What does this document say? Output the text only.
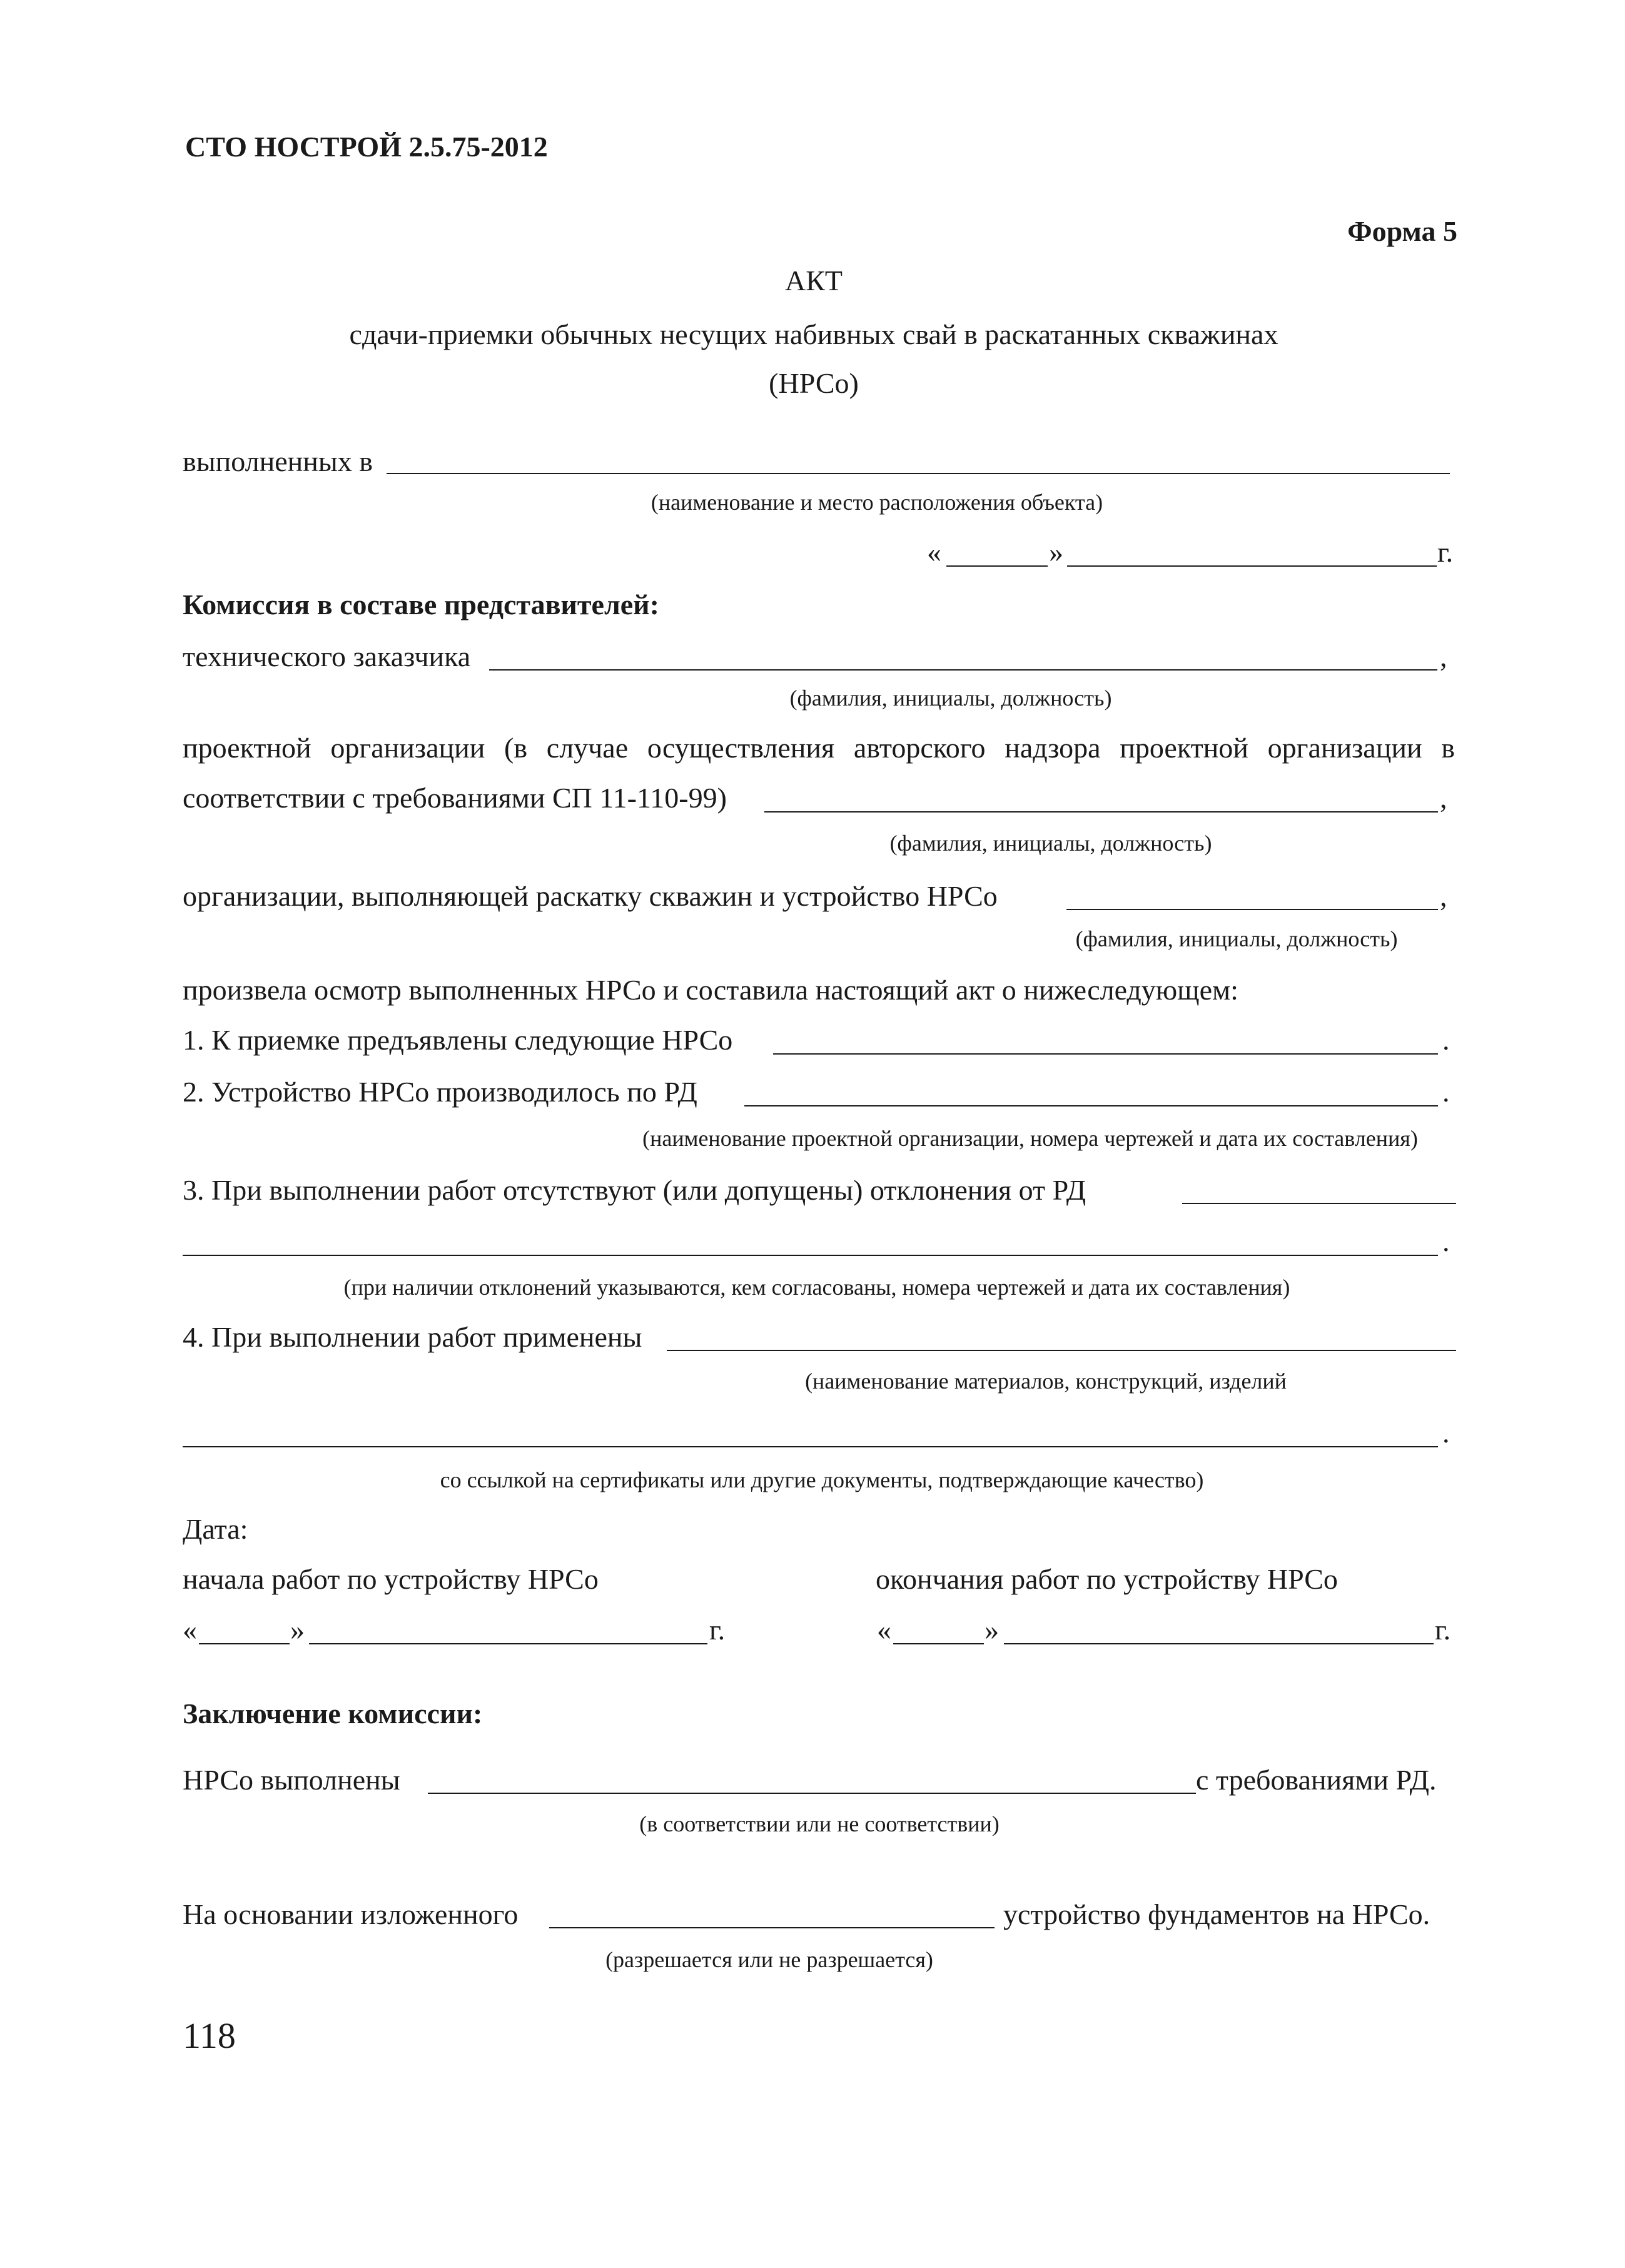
СТО НОСТРОЙ 2.5.75-2012
Форма 5
АКТ
сдачи-приемки обычных несущих набивных свай в раскатанных скважинах
(НРСо)
выполненных в
(наименование и место расположения объекта)
«	»	г.
Комиссия в составе представителей:
технического заказчика	,
(фамилия, инициалы, должность)
проектной организации (в случае осуществления авторского надзора проектной организации в
соответствии с требованиями СП 11-110-99)	,
(фамилия, инициалы, должность)
организации, выполняющей раскатку скважин и устройство НРСо	,
(фамилия, инициалы, должность)
произвела осмотр выполненных НРСо и составила настоящий акт о нижеследующем:
1. К приемке предъявлены следующие НРСо	.
2. Устройство НРСо производилось по РД	.
(наименование проектной организации, номера чертежей и дата их составления)
3. При выполнении работ отсутствуют (или допущены) отклонения от РД
.
(при наличии отклонений указываются, кем согласованы, номера чертежей и дата их составления)
4. При выполнении работ применены
(наименование материалов, конструкций, изделий
.
со ссылкой на сертификаты или другие документы, подтверждающие качество)
Дата:
начала работ по устройству НРСо	окончания работ по устройству НРСо
«	»	г.	«	»	г.
Заключение комиссии:
НРСо выполнены	с требованиями РД.
(в соответствии или не соответствии)
На основании изложенного	устройство фундаментов на НРСо.
(разрешается или не разрешается)
118
